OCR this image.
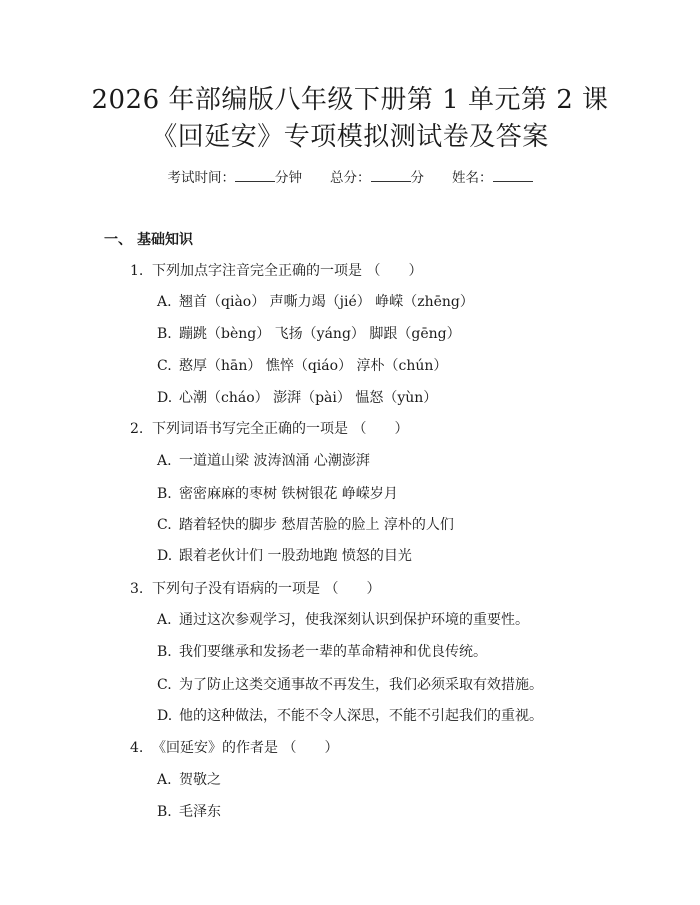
2026 年部编版八年级下册第 1 单元第 2 课
《回延安》专项模拟测试卷及答案
考试时间：	分钟 总分：	分 姓名：
一、 基础知识
1. 下列加点字注音完全正确的一项是 （　　）
A. 翘首（qiào） 声嘶力竭（jié） 峥嵘（zhēng）
B. 蹦跳（bèng） 飞扬（yáng） 脚跟（gēng）
C. 憨厚（hān） 憔悴（qiáo） 淳朴（chún）
D. 心潮（cháo） 澎湃（pài） 愠怒（yùn）
2. 下列词语书写完全正确的一项是 （　　）
A. 一道道山梁 波涛汹涌 心潮澎湃
B. 密密麻麻的枣树 铁树银花 峥嵘岁月
C. 踏着轻快的脚步 愁眉苦脸的脸上 淳朴的人们
D. 跟着老伙计们 一股劲地跑 愤怒的目光
3. 下列句子没有语病的一项是 （　　）
A. 通过这次参观学习，使我深刻认识到保护环境的重要性。
B. 我们要继承和发扬老一辈的革命精神和优良传统。
C. 为了防止这类交通事故不再发生，我们必须采取有效措施。
D. 他的这种做法，不能不令人深思，不能不引起我们的重视。
4. 《回延安》的作者是 （　　）
A. 贺敬之
B. 毛泽东
